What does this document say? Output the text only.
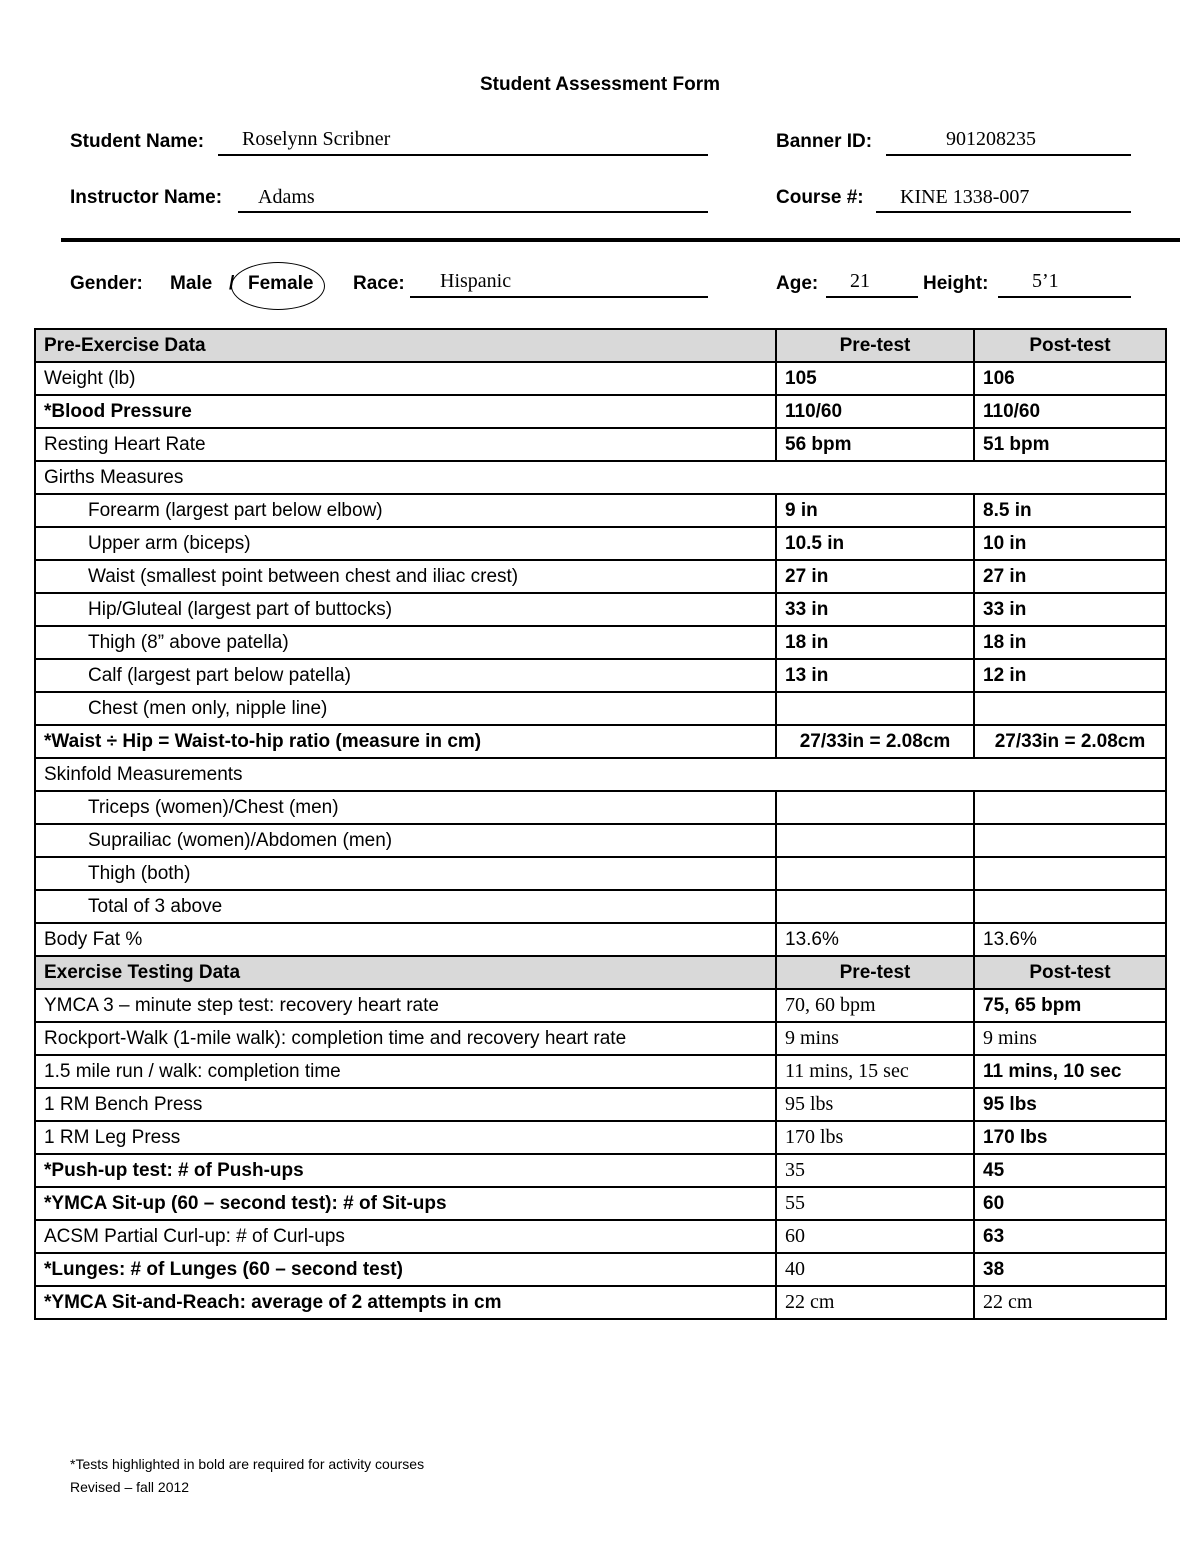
Student Assessment Form
Student Name: Roselynn Scribner	Banner ID:	901208235
Instructor Name: Adams	Course #: KINE 1338-007
Gender: Male / Female Race: Hispanic	Age: 21	Height: 5’1
Pre-Exercise Data	Pre-test	Post-test
Weight (lb)	105	106
*Blood Pressure	110/60	110/60
Resting Heart Rate	56 bpm	51 bpm
Girths Measures		
Forearm (largest part below elbow)	9 in	8.5 in
Upper arm (biceps)	10.5 in	10 in
Waist (smallest point between chest and iliac crest)	27 in	27 in
Hip/Gluteal (largest part of buttocks)	33 in	33 in
Thigh (8” above patella)	18 in	18 in
Calf (largest part below patella)	13 in	12 in
Chest (men only, nipple line)		
*Waist ÷ Hip = Waist-to-hip ratio (measure in cm)	27/33in = 2.08cm	27/33in = 2.08cm
Skinfold Measurements		
Triceps (women)/Chest (men)		
Suprailiac (women)/Abdomen (men)		
Thigh (both)		
Total of 3 above		
Body Fat %	13.6%	13.6%
Exercise Testing Data	Pre-test	Post-test
YMCA 3 – minute step test: recovery heart rate	70, 60 bpm	75, 65 bpm
Rockport-Walk (1-mile walk): completion time and recovery heart rate	9 mins	9 mins
1.5 mile run / walk: completion time	11 mins, 15 sec	11 mins, 10 sec
1 RM Bench Press	95 lbs	95 lbs
1 RM Leg Press	170 lbs	170 lbs
*Push-up test: # of Push-ups	35	45
*YMCA Sit-up (60 – second test): # of Sit-ups	55	60
ACSM Partial Curl-up: # of Curl-ups	60	63
*Lunges: # of Lunges (60 – second test)	40	38
*YMCA Sit-and-Reach: average of 2 attempts in cm	22 cm	22 cm
*Tests highlighted in bold are required for activity courses
Revised – fall 2012
